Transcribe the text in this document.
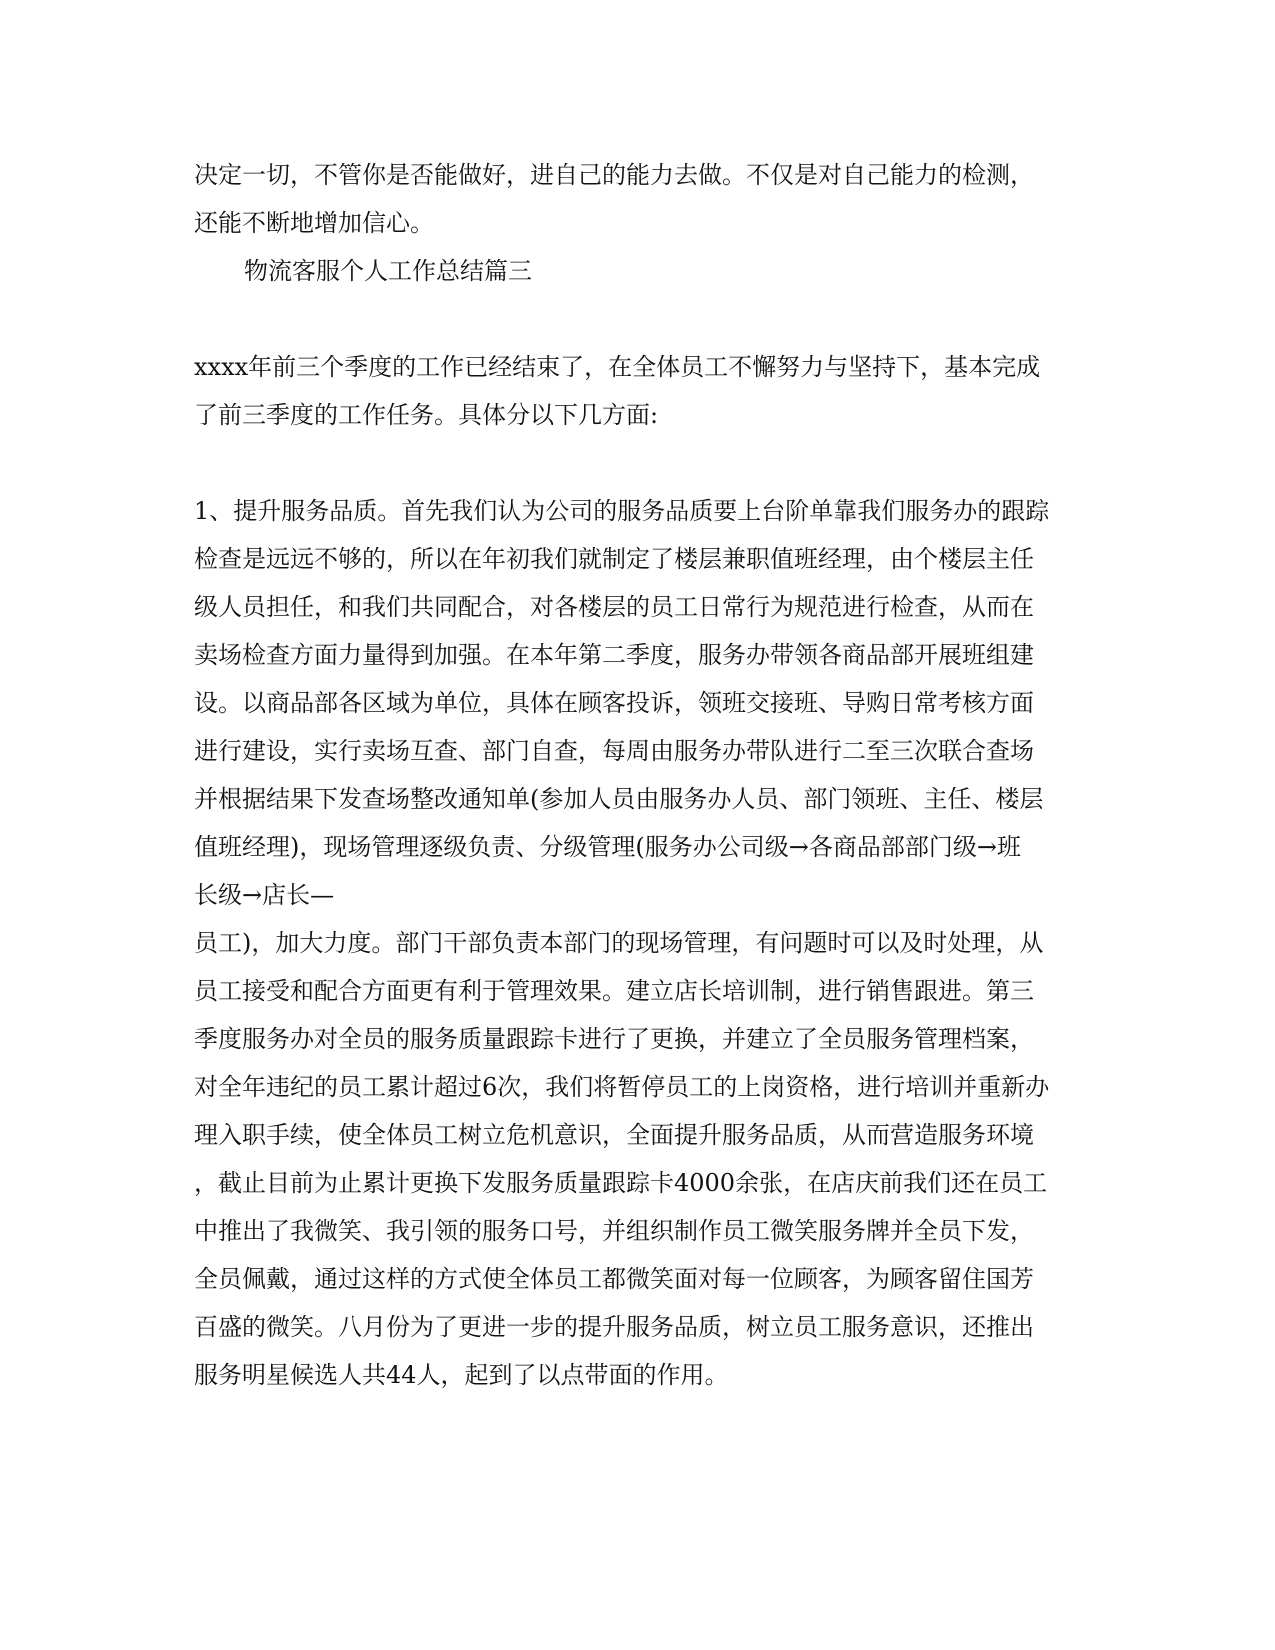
决定一切，不管你是否能做好，进自己的能力去做。不仅是对自己能力的检测，
还能不断地增加信心。
物流客服个人工作总结篇三
xxxx年前三个季度的工作已经结束了，在全体员工不懈努力与坚持下，基本完成
了前三季度的工作任务。具体分以下几方面:
1、提升服务品质。首先我们认为公司的服务品质要上台阶单靠我们服务办的跟踪
检查是远远不够的，所以在年初我们就制定了楼层兼职值班经理，由个楼层主任
级人员担任，和我们共同配合，对各楼层的员工日常行为规范进行检查，从而在
卖场检查方面力量得到加强。在本年第二季度，服务办带领各商品部开展班组建
设。以商品部各区域为单位，具体在顾客投诉，领班交接班、导购日常考核方面
进行建设，实行卖场互查、部门自查，每周由服务办带队进行二至三次联合查场
并根据结果下发查场整改通知单(参加人员由服务办人员、部门领班、主任、楼层
值班经理)，现场管理逐级负责、分级管理(服务办公司级→各商品部部门级→班
长级→店长—
员工)，加大力度。部门干部负责本部门的现场管理，有问题时可以及时处理，从
员工接受和配合方面更有利于管理效果。建立店长培训制，进行销售跟进。第三
季度服务办对全员的服务质量跟踪卡进行了更换，并建立了全员服务管理档案，
对全年违纪的员工累计超过6次，我们将暂停员工的上岗资格，进行培训并重新办
理入职手续，使全体员工树立危机意识，全面提升服务品质，从而营造服务环境
，截止目前为止累计更换下发服务质量跟踪卡4000余张，在店庆前我们还在员工
中推出了我微笑、我引领的服务口号，并组织制作员工微笑服务牌并全员下发，
全员佩戴，通过这样的方式使全体员工都微笑面对每一位顾客，为顾客留住国芳
百盛的微笑。八月份为了更进一步的提升服务品质，树立员工服务意识，还推出
服务明星候选人共44人，起到了以点带面的作用。
